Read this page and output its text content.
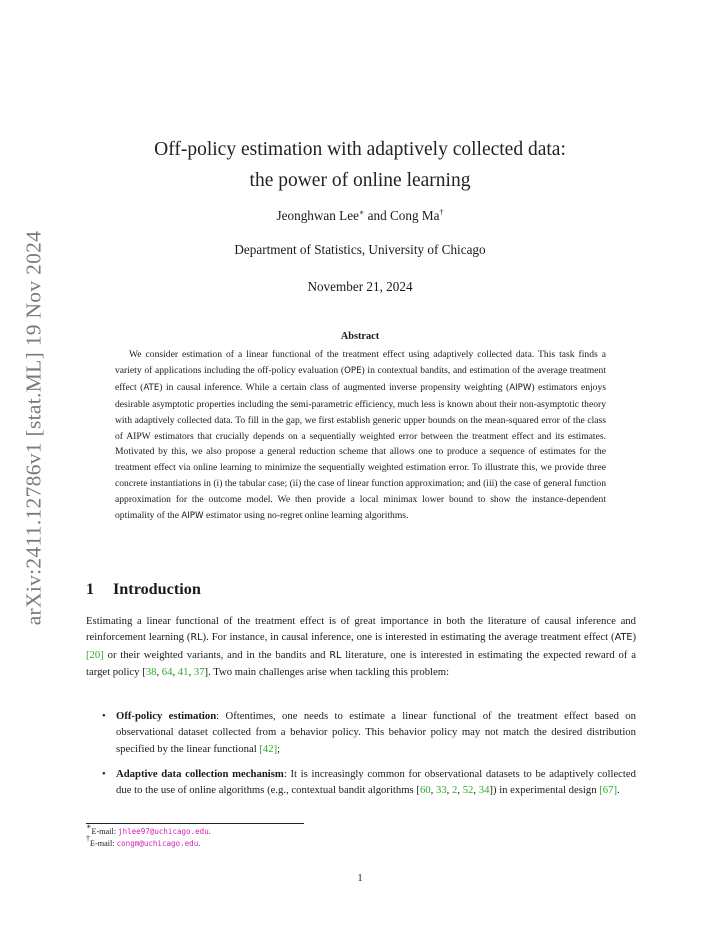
arXiv:2411.12786v1 [stat.ML] 19 Nov 2024
Off-policy estimation with adaptively collected data:
the power of online learning
Jeonghwan Lee∗ and Cong Ma†
Department of Statistics, University of Chicago
November 21, 2024
Abstract

We consider estimation of a linear functional of the treatment effect using adaptively collected data. This task finds a variety of applications including the off-policy evaluation (OPE) in contextual bandits, and estimation of the average treatment effect (ATE) in causal inference. While a certain class of augmented inverse propensity weighting (AIPW) estimators enjoys desirable asymptotic properties including the semi-parametric efficiency, much less is known about their non-asymptotic theory with adaptively collected data. To fill in the gap, we first establish generic upper bounds on the mean-squared error of the class of AIPW estimators that crucially depends on a sequentially weighted error between the treatment effect and its estimates. Motivated by this, we also propose a general reduction scheme that allows one to produce a sequence of estimates for the treatment effect via online learning to minimize the sequentially weighted estimation error. To illustrate this, we provide three concrete instantiations in (i) the tabular case; (ii) the case of linear function approximation; and (iii) the case of general function approximation for the outcome model. We then provide a local minimax lower bound to show the instance-dependent optimality of the AIPW estimator using no-regret online learning algorithms.

1 Introduction

Estimating a linear functional of the treatment effect is of great importance in both the literature of causal inference and reinforcement learning (RL). For instance, in causal inference, one is interested in estimating the average treatment effect (ATE) [20] or their weighted variants, and in the bandits and RL literature, one is interested in estimating the expected reward of a target policy [38, 64, 41, 37]. Two main challenges arise when tackling this problem:

• Off-policy estimation: Oftentimes, one needs to estimate a linear functional of the treatment effect based on observational dataset collected from a behavior policy. This behavior policy may not match the desired distribution specified by the linear functional [42];
• Adaptive data collection mechanism: It is increasingly common for observational datasets to be adaptively collected due to the use of online algorithms (e.g., contextual bandit algorithms [60, 33, 2, 52, 34]) in experimental design [67].
∗E-mail: jhlee97@uchicago.edu.
†E-mail: congm@uchicago.edu.
1
